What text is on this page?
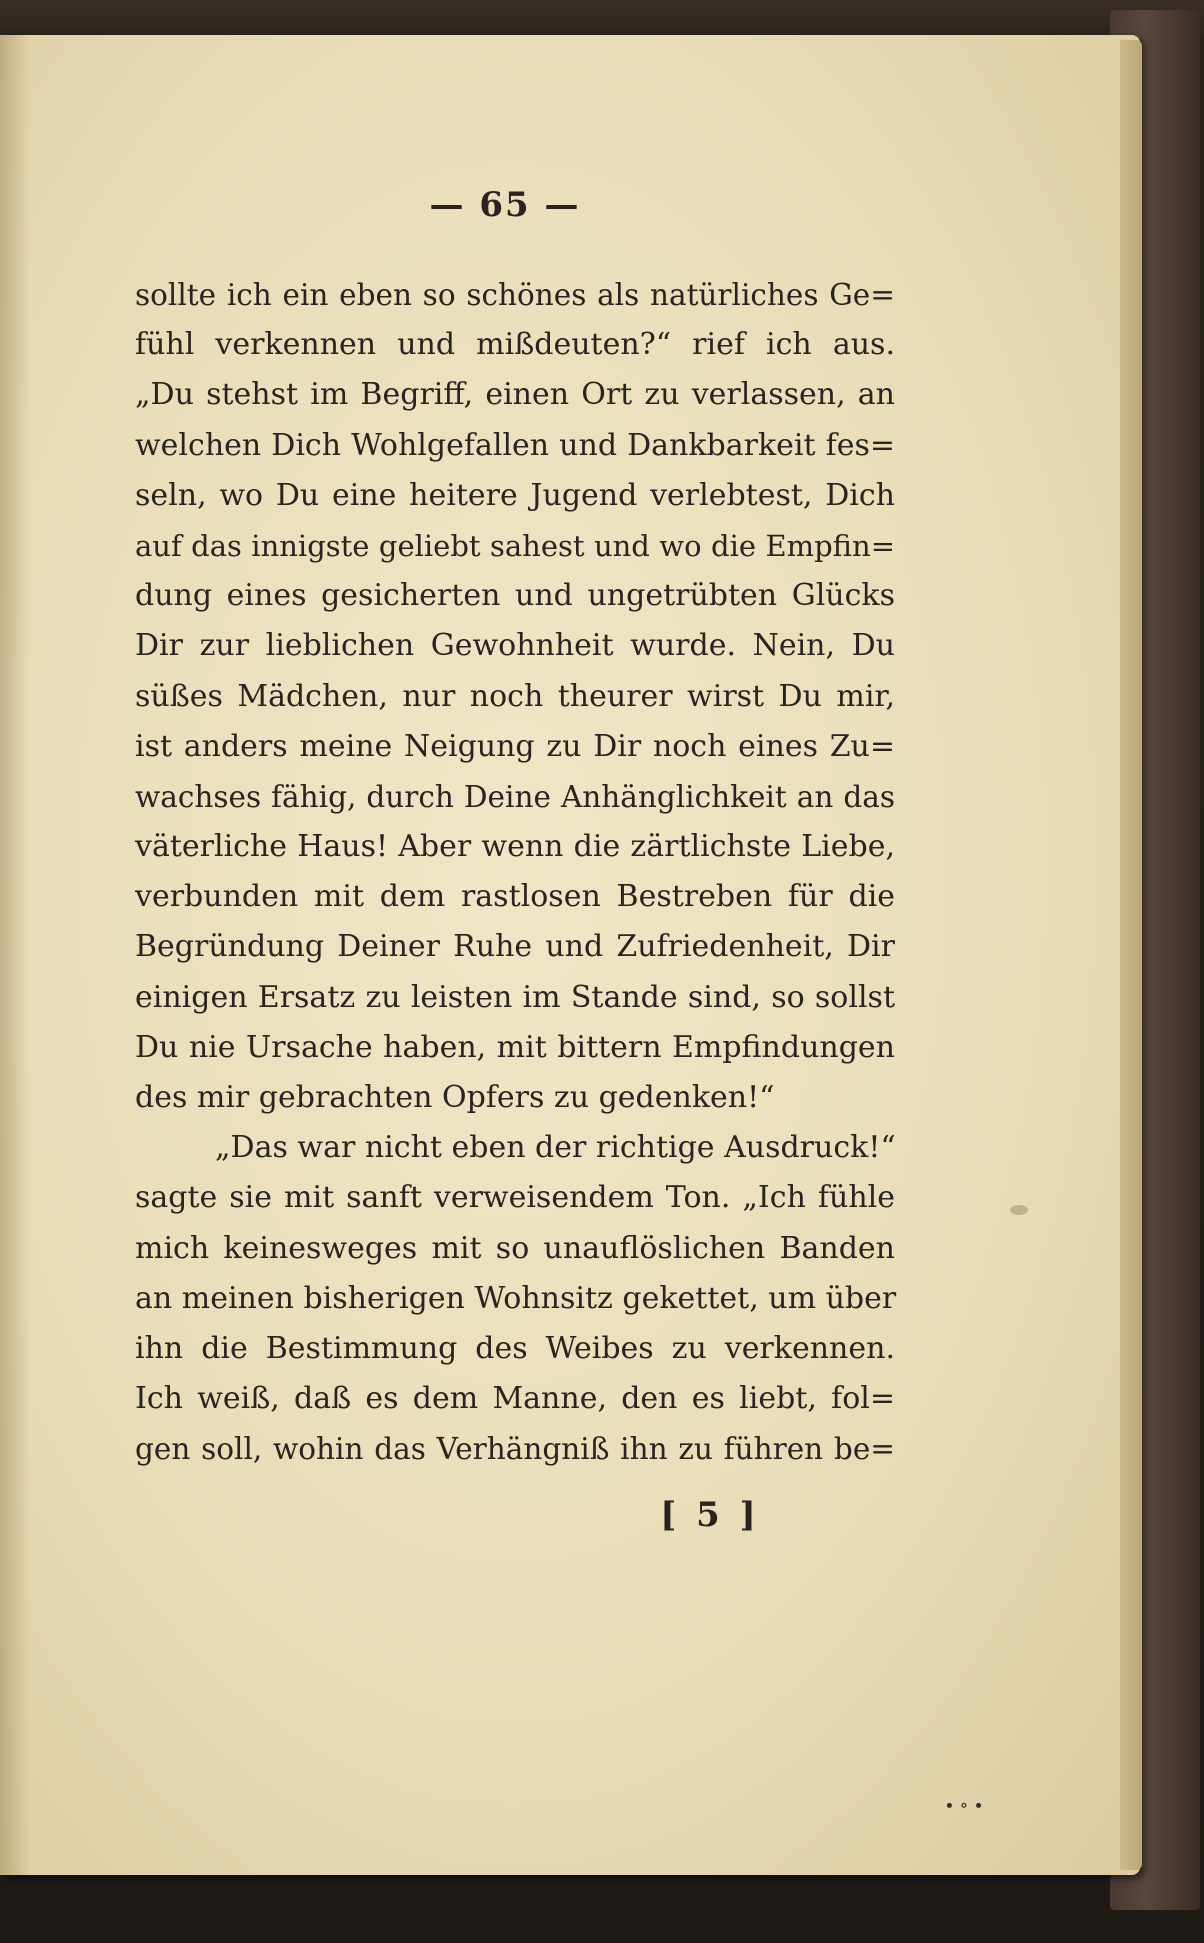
— 65 —
sollte ich ein eben so schönes als natürliches Ge=
fühl verkennen und mißdeuten?“ rief ich aus.
„Du stehst im Begriff, einen Ort zu verlassen, an
welchen Dich Wohlgefallen und Dankbarkeit fes=
seln, wo Du eine heitere Jugend verlebtest, Dich
auf das innigste geliebt sahest und wo die Empfin=
dung eines gesicherten und ungetrübten Glücks
Dir zur lieblichen Gewohnheit wurde. Nein, Du
süßes Mädchen, nur noch theurer wirst Du mir,
ist anders meine Neigung zu Dir noch eines Zu=
wachses fähig, durch Deine Anhänglichkeit an das
väterliche Haus! Aber wenn die zärtlichste Liebe,
verbunden mit dem rastlosen Bestreben für die
Begründung Deiner Ruhe und Zufriedenheit, Dir
einigen Ersatz zu leisten im Stande sind, so sollst
Du nie Ursache haben, mit bittern Empfindungen
des mir gebrachten Opfers zu gedenken!“
„Das war nicht eben der richtige Ausdruck!“
sagte sie mit sanft verweisendem Ton. „Ich fühle
mich keinesweges mit so unauflöslichen Banden
an meinen bisherigen Wohnsitz gekettet, um über
ihn die Bestimmung des Weibes zu verkennen.
Ich weiß, daß es dem Manne, den es liebt, fol=
gen soll, wohin das Verhängniß ihn zu führen be=
[ 5 ]
∙ ∘ ∙
